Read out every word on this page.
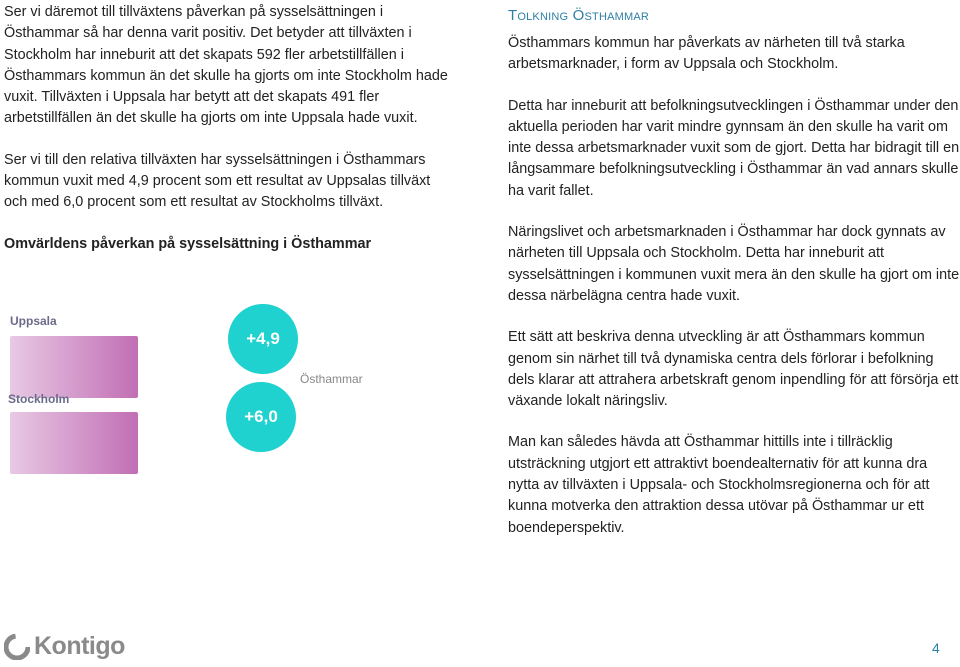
Ser vi däremot till tillväxtens påverkan på sysselsättningen i Östhammar så har denna varit positiv. Det betyder att tillväxten i Stockholm har inneburit att det skapats 592 fler arbetstillfällen i Östhammars kommun än det skulle ha gjorts om inte Stockholm hade vuxit. Tillväxten i Uppsala har betytt att det skapats 491 fler arbetstillfällen än det skulle ha gjorts om inte Uppsala hade vuxit.

Ser vi till den relativa tillväxten har sysselsättningen i Östhammars kommun vuxit med 4,9 procent som ett resultat av Uppsalas tillväxt och med 6,0 procent som ett resultat av Stockholms tillväxt.

Omvärldens påverkan på sysselsättning i Östhammar

Uppsala
Stockholm
+4,9
+6,0
Östhammar
Tolkning Östhammar

Östhammars kommun har påverkats av närheten till två starka arbetsmarknader, i form av Uppsala och Stockholm.

Detta har inneburit att befolkningsutvecklingen i Östhammar under den aktuella perioden har varit mindre gynnsam än den skulle ha varit om inte dessa arbetsmarknader vuxit som de gjort. Detta har bidragit till en långsammare befolkningsutveckling i Östhammar än vad annars skulle ha varit fallet.

Näringslivet och arbetsmarknaden i Östhammar har dock gynnats av närheten till Uppsala och Stockholm. Detta har inneburit att sysselsättningen i kommunen vuxit mera än den skulle ha gjort om inte dessa närbelägna centra hade vuxit.

Ett sätt att beskriva denna utveckling är att Östhammars kommun genom sin närhet till två dynamiska centra dels förlorar i befolkning dels klarar att attrahera arbetskraft genom inpendling för att försörja ett växande lokalt näringsliv.

Man kan således hävda att Östhammar hittills inte i tillräcklig utsträckning utgjort ett attraktivt boendealternativ för att kunna dra nytta av tillväxten i Uppsala- och Stockholmsregionerna och för att kunna motverka den attraktion dessa utövar på Östhammar ur ett boendeperspektiv.

Kontigo	4
